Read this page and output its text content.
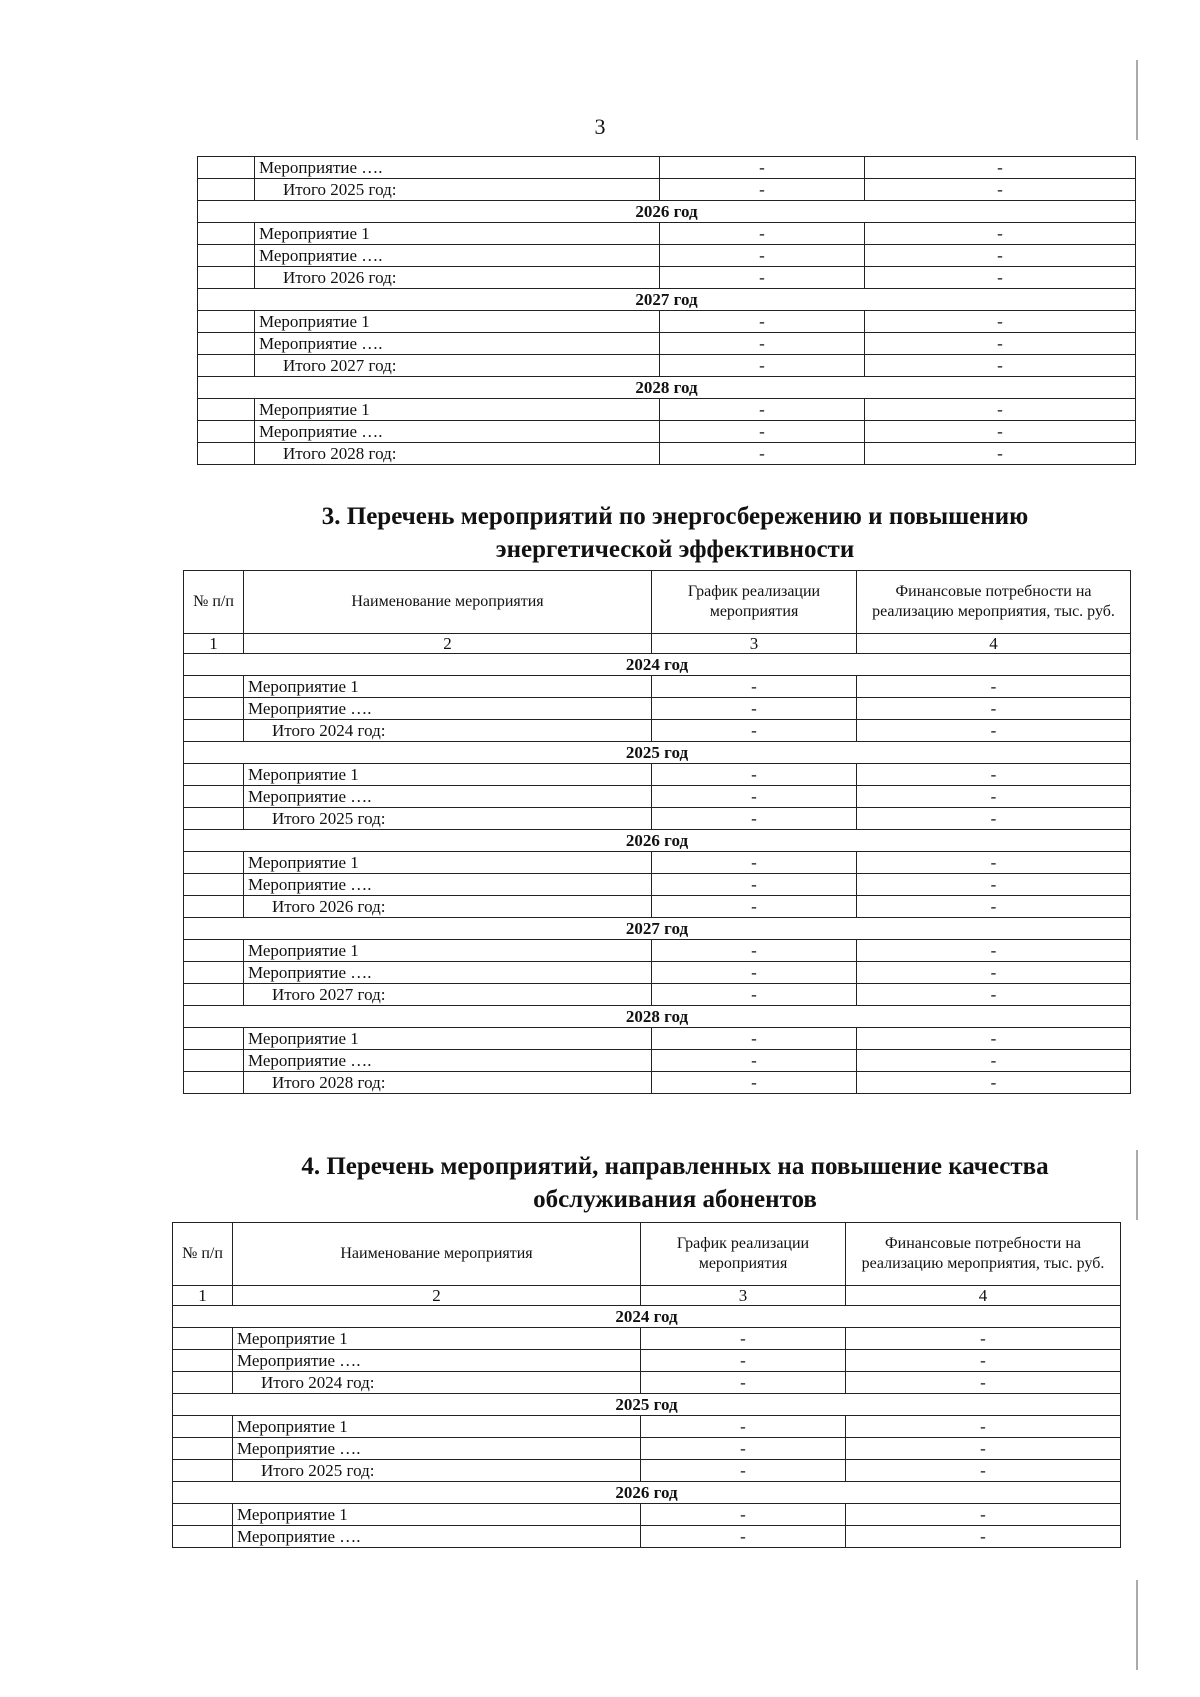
3
	Мероприятие ….	-	-
	Итого 2025 год:	-	-
2026 год			
	Мероприятие 1	-	-
	Мероприятие ….	-	-
	Итого 2026 год:	-	-
2027 год			
	Мероприятие 1	-	-
	Мероприятие ….	-	-
	Итого 2027 год:	-	-
2028 год			
	Мероприятие 1	-	-
	Мероприятие ….	-	-
	Итого 2028 год:	-	-
3. Перечень мероприятий по энергосбережению и повышению
энергетической эффективности
№ п/п	Наименование мероприятия	График реализации мероприятия	Финансовые потребности на реализацию мероприятия, тыс. руб.
1	2	3	4
2024 год			
	Мероприятие 1	-	-
	Мероприятие ….	-	-
	Итого 2024 год:	-	-
2025 год			
	Мероприятие 1	-	-
	Мероприятие ….	-	-
	Итого 2025 год:	-	-
2026 год			
	Мероприятие 1	-	-
	Мероприятие ….	-	-
	Итого 2026 год:	-	-
2027 год			
	Мероприятие 1	-	-
	Мероприятие ….	-	-
	Итого 2027 год:	-	-
2028 год			
	Мероприятие 1	-	-
	Мероприятие ….	-	-
	Итого 2028 год:	-	-
4. Перечень мероприятий, направленных на повышение качества
обслуживания абонентов
№ п/п	Наименование мероприятия	График реализации мероприятия	Финансовые потребности на реализацию мероприятия, тыс. руб.
1	2	3	4
2024 год			
	Мероприятие 1	-	-
	Мероприятие ….	-	-
	Итого 2024 год:	-	-
2025 год			
	Мероприятие 1	-	-
	Мероприятие ….	-	-
	Итого 2025 год:	-	-
2026 год			
	Мероприятие 1	-	-
	Мероприятие ….	-	-
